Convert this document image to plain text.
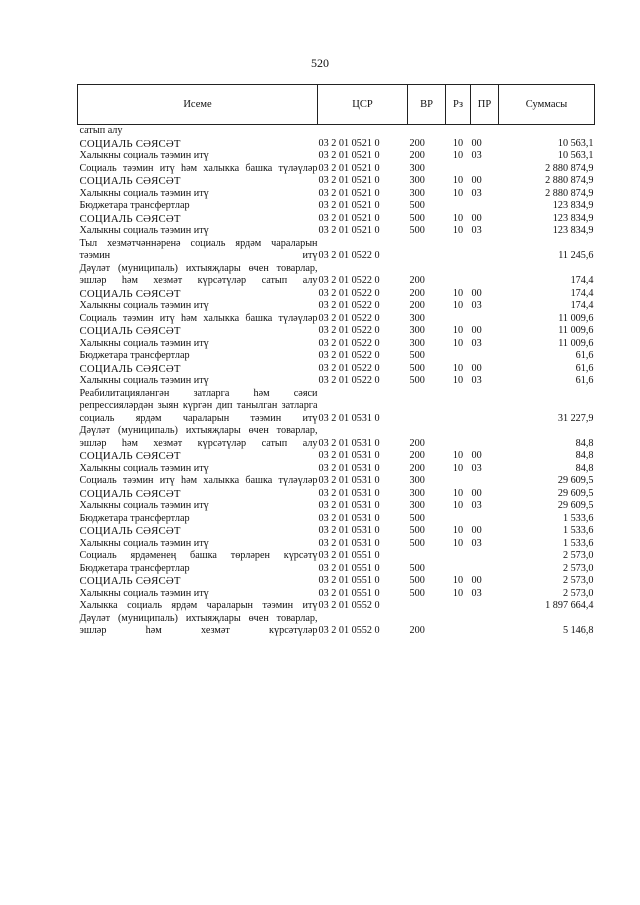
520
Исеме	ЦСР	ВР	Рз	ПР	Суммасы
сатып алу					
СОЦИАЛЬ СӘЯСӘТ	03 2 01 0521 0	200	10	00	10 563,1
Халыкны социаль тәэмин итү	03 2 01 0521 0	200	10	03	10 563,1
Социаль тәэмин итү һәм халыкка башка түләүләр	03 2 01 0521 0	300			2 880 874,9
СОЦИАЛЬ СӘЯСӘТ	03 2 01 0521 0	300	10	00	2 880 874,9
Халыкны социаль тәэмин итү	03 2 01 0521 0	300	10	03	2 880 874,9
Бюджетара трансфертлар	03 2 01 0521 0	500			123 834,9
СОЦИАЛЬ СӘЯСӘТ	03 2 01 0521 0	500	10	00	123 834,9
Халыкны социаль тәэмин итү	03 2 01 0521 0	500	10	03	123 834,9
Тыл хезмәтчәннәренә социаль ярдәм чараларын тәэмин итү	03 2 01 0522 0				11 245,6
Дәүләт (муниципаль) ихтыяҗлары өчен товарлар, эшләр һәм хезмәт күрсәтүләр сатып алу	03 2 01 0522 0	200			174,4
СОЦИАЛЬ СӘЯСӘТ	03 2 01 0522 0	200	10	00	174,4
Халыкны социаль тәэмин итү	03 2 01 0522 0	200	10	03	174,4
Социаль тәэмин итү һәм халыкка башка түләүләр	03 2 01 0522 0	300			11 009,6
СОЦИАЛЬ СӘЯСӘТ	03 2 01 0522 0	300	10	00	11 009,6
Халыкны социаль тәэмин итү	03 2 01 0522 0	300	10	03	11 009,6
Бюджетара трансфертлар	03 2 01 0522 0	500			61,6
СОЦИАЛЬ СӘЯСӘТ	03 2 01 0522 0	500	10	00	61,6
Халыкны социаль тәэмин итү	03 2 01 0522 0	500	10	03	61,6
Реабилитацияләнгән затларга һәм сәяси репрессияләрдән зыян күргән дип танылган затларга социаль ярдәм чараларын тәэмин итү	03 2 01 0531 0				31 227,9
Дәүләт (муниципаль) ихтыяҗлары өчен товарлар, эшләр һәм хезмәт күрсәтүләр сатып алу	03 2 01 0531 0	200			84,8
СОЦИАЛЬ СӘЯСӘТ	03 2 01 0531 0	200	10	00	84,8
Халыкны социаль тәэмин итү	03 2 01 0531 0	200	10	03	84,8
Социаль тәэмин итү һәм халыкка башка түләүләр	03 2 01 0531 0	300			29 609,5
СОЦИАЛЬ СӘЯСӘТ	03 2 01 0531 0	300	10	00	29 609,5
Халыкны социаль тәэмин итү	03 2 01 0531 0	300	10	03	29 609,5
Бюджетара трансфертлар	03 2 01 0531 0	500			1 533,6
СОЦИАЛЬ СӘЯСӘТ	03 2 01 0531 0	500	10	00	1 533,6
Халыкны социаль тәэмин итү	03 2 01 0531 0	500	10	03	1 533,6
Социаль ярдәменең башка төрләрен күрсәтү	03 2 01 0551 0				2 573,0
Бюджетара трансфертлар	03 2 01 0551 0	500			2 573,0
СОЦИАЛЬ СӘЯСӘТ	03 2 01 0551 0	500	10	00	2 573,0
Халыкны социаль тәэмин итү	03 2 01 0551 0	500	10	03	2 573,0
Халыкка социаль ярдәм чараларын тәэмин итү	03 2 01 0552 0				1 897 664,4
Дәүләт (муниципаль) ихтыяҗлары өчен товарлар, эшләр һәм хезмәт күрсәтүләр	03 2 01 0552 0	200			5 146,8
